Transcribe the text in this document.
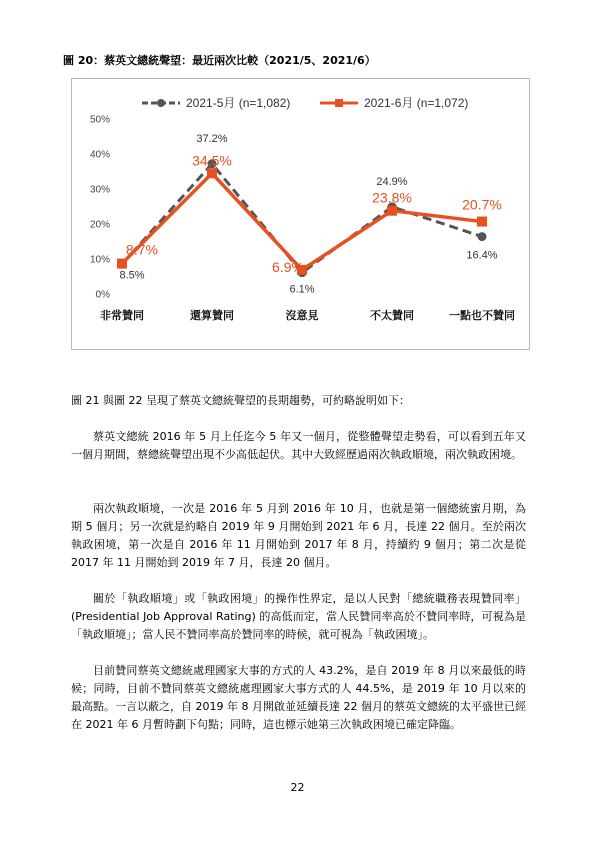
圖 20：蔡英文總統聲望：最近兩次比較（2021/5、2021/6）
0%
10%
20%
30%
40%
50%
非常贊同	還算贊同	沒意見	不太贊同	一點也不贊同
2021-5月 (n=1,082)	2021-6月 (n=1,072)
8.5%
37.2%
6.1%
24.9%
16.4%
8.7%
34.5%
6.9%
23.8%	20.7%

圖 21 與圖 22 呈現了蔡英文總統聲望的長期趨勢，可約略說明如下：

蔡英文總統 2016 年 5 月上任迄今 5 年又一個月，從整體聲望走勢看，可以看到五年又一個月期間，蔡總統聲望出現不少高低起伏。其中大致經歷過兩次執政順境，兩次執政困境。

兩次執政順境，一次是 2016 年 5 月到 2016 年 10 月，也就是第一個總統蜜月期，為期 5 個月；另一次就是約略自 2019 年 9 月開始到 2021 年 6 月，長達 22 個月。至於兩次執政困境，第一次是自 2016 年 11 月開始到 2017 年 8 月，持續約 9 個月；第二次是從 2017 年 11 月開始到 2019 年 7 月，長達 20 個月。

關於「執政順境」或「執政困境」的操作性界定，是以人民對「總統職務表現贊同率」(Presidential Job Approval Rating) 的高低而定，當人民贊同率高於不贊同率時，可視為是「執政順境」；當人民不贊同率高於贊同率的時候，就可視為「執政困境」。

目前贊同蔡英文總統處理國家大事的方式的人 43.2%，是自 2019 年 8 月以來最低的時候；同時，目前不贊同蔡英文總統處理國家大事方式的人 44.5%，是 2019 年 10 月以來的最高點。一言以蔽之，自 2019 年 8 月開啟並延續長達 22 個月的蔡英文總統的太平盛世已經在 2021 年 6 月暫時劃下句點；同時，這也標示她第三次執政困境已確定降臨。

22
